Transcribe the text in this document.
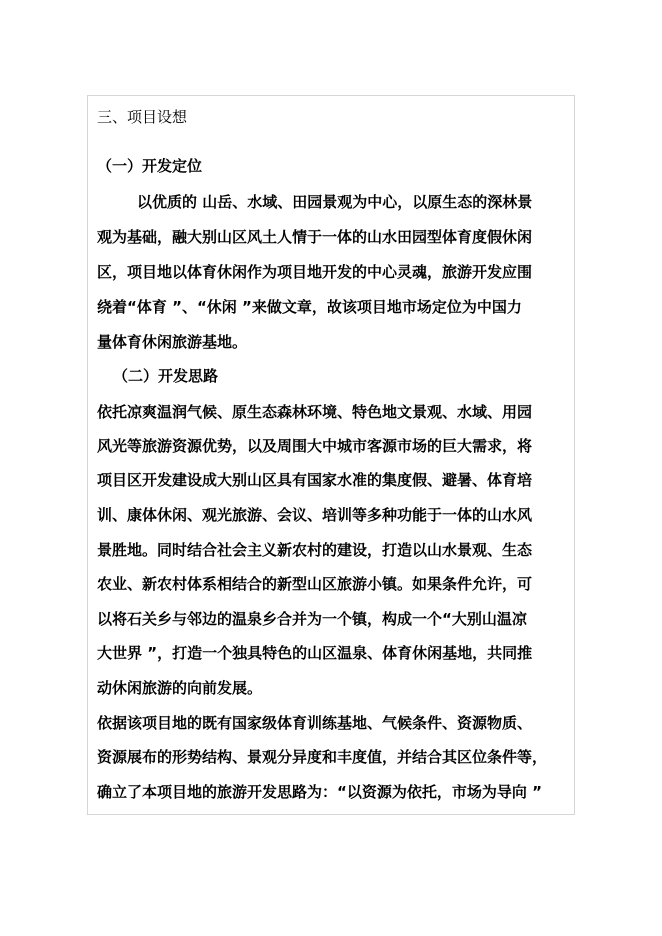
三、项目设想
（一）开发定位
以优质的 山岳、水域、田园景观为中心，以原生态的深林景
观为基础，融大别山区风土人情于一体的山水田园型体育度假休闲
区，项目地以体育休闲作为项目地开发的中心灵魂，旅游开发应围
绕着“体育 ”、“休闲 ”来做文章，故该项目地市场定位为中国力
量体育休闲旅游基地。
（二）开发思路
依托凉爽温润气候、原生态森林环境、特色地文景观、水域、用园
风光等旅游资源优势，以及周围大中城市客源市场的巨大需求，将
项目区开发建设成大别山区具有国家水准的集度假、避暑、体育培
训、康体休闲、观光旅游、会议、培训等多种功能于一体的山水风
景胜地。同时结合社会主义新农村的建设，打造以山水景观、生态
农业、新农村体系相结合的新型山区旅游小镇。如果条件允许，可
以将石关乡与邻边的温泉乡合并为一个镇，构成一个“大别山温凉
大世界 ”，打造一个独具特色的山区温泉、体育休闲基地，共同推
动休闲旅游的向前发展。
依据该项目地的既有国家级体育训练基地、气候条件、资源物质、
资源展布的形势结构、景观分异度和丰度值，并结合其区位条件等，
确立了本项目地的旅游开发思路为：“以资源为依托，市场为导向 ”
